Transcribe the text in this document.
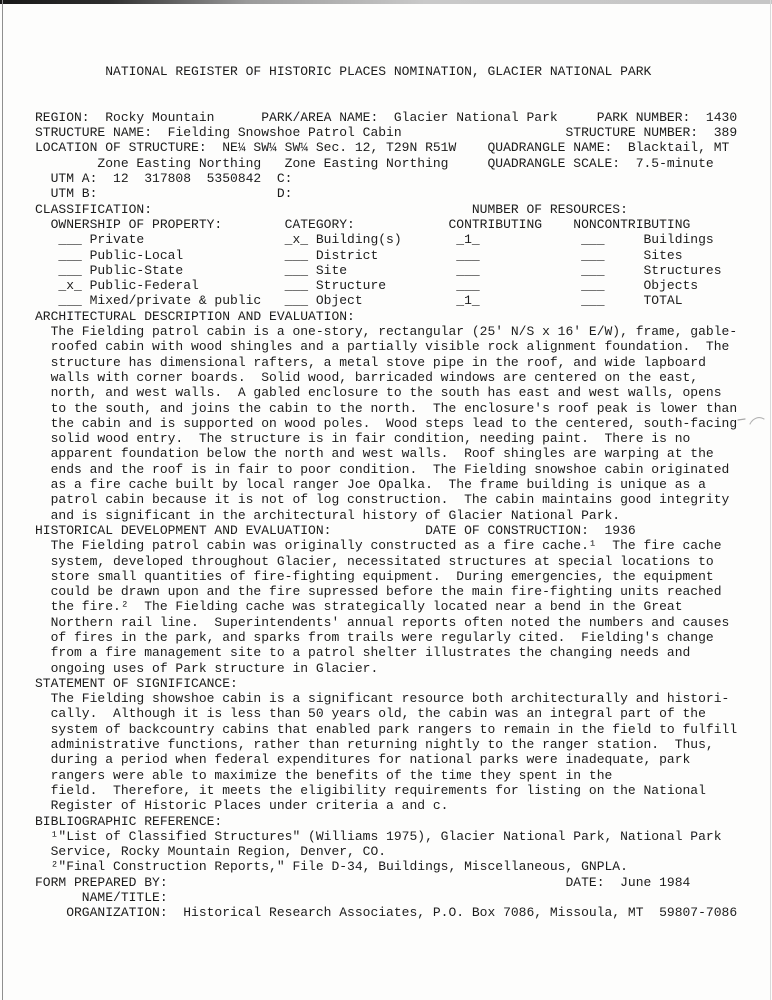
NATIONAL REGISTER OF HISTORIC PLACES NOMINATION, GLACIER NATIONAL PARK

REGION:  Rocky Mountain      PARK/AREA NAME:  Glacier National Park     PARK NUMBER:  1430
STRUCTURE NAME:  Fielding Snowshoe Patrol Cabin                     STRUCTURE NUMBER:  389
LOCATION OF STRUCTURE:  NE¼ SW¼ SW¼ Sec. 12, T29N R51W    QUADRANGLE NAME:  Blacktail, MT
Zone Easting Northing   Zone Easting Northing     QUADRANGLE SCALE:  7.5-minute
UTM A:  12  317808  5350842  C:
UTM B:                       D:
CLASSIFICATION:                                         NUMBER OF RESOURCES:
OWNERSHIP OF PROPERTY:        CATEGORY:            CONTRIBUTING    NONCONTRIBUTING
___ Private                  _x_ Building(s)       _1_             ___     Buildings
___ Public-Local             ___ District          ___             ___     Sites
___ Public-State             ___ Site              ___             ___     Structures
_x_ Public-Federal           ___ Structure         ___             ___     Objects
___ Mixed/private & public   ___ Object            _1_             ___     TOTAL
ARCHITECTURAL DESCRIPTION AND EVALUATION:
The Fielding patrol cabin is a one-story, rectangular (25' N/S x 16' E/W), frame, gable-
roofed cabin with wood shingles and a partially visible rock alignment foundation.  The
structure has dimensional rafters, a metal stove pipe in the roof, and wide lapboard
walls with corner boards.  Solid wood, barricaded windows are centered on the east,
north, and west walls.  A gabled enclosure to the south has east and west walls, opens
to the south, and joins the cabin to the north.  The enclosure's roof peak is lower than
the cabin and is supported on wood poles.  Wood steps lead to the centered, south-facing
solid wood entry.  The structure is in fair condition, needing paint.  There is no
apparent foundation below the north and west walls.  Roof shingles are warping at the
ends and the roof is in fair to poor condition.  The Fielding snowshoe cabin originated
as a fire cache built by local ranger Joe Opalka.  The frame building is unique as a
patrol cabin because it is not of log construction.  The cabin maintains good integrity
and is significant in the architectural history of Glacier National Park.
HISTORICAL DEVELOPMENT AND EVALUATION:            DATE OF CONSTRUCTION:  1936
The Fielding patrol cabin was originally constructed as a fire cache.¹  The fire cache
system, developed throughout Glacier, necessitated structures at special locations to
store small quantities of fire-fighting equipment.  During emergencies, the equipment
could be drawn upon and the fire supressed before the main fire-fighting units reached
the fire.²  The Fielding cache was strategically located near a bend in the Great
Northern rail line.  Superintendents' annual reports often noted the numbers and causes
of fires in the park, and sparks from trails were regularly cited.  Fielding's change
from a fire management site to a patrol shelter illustrates the changing needs and
ongoing uses of Park structure in Glacier.
STATEMENT OF SIGNIFICANCE:
The Fielding showshoe cabin is a significant resource both architecturally and histori-
cally.  Although it is less than 50 years old, the cabin was an integral part of the
system of backcountry cabins that enabled park rangers to remain in the field to fulfill
administrative functions, rather than returning nightly to the ranger station.  Thus,
during a period when federal expenditures for national parks were inadequate, park
rangers were able to maximize the benefits of the time they spent in the
field.  Therefore, it meets the eligibility requirements for listing on the National
Register of Historic Places under criteria a and c.
BIBLIOGRAPHIC REFERENCE:
¹"List of Classified Structures" (Williams 1975), Glacier National Park, National Park
Service, Rocky Mountain Region, Denver, CO.
²"Final Construction Reports," File D-34, Buildings, Miscellaneous, GNPLA.
FORM PREPARED BY:                                                   DATE:  June 1984
NAME/TITLE:
ORGANIZATION:  Historical Research Associates, P.O. Box 7086, Missoula, MT  59807-7086
